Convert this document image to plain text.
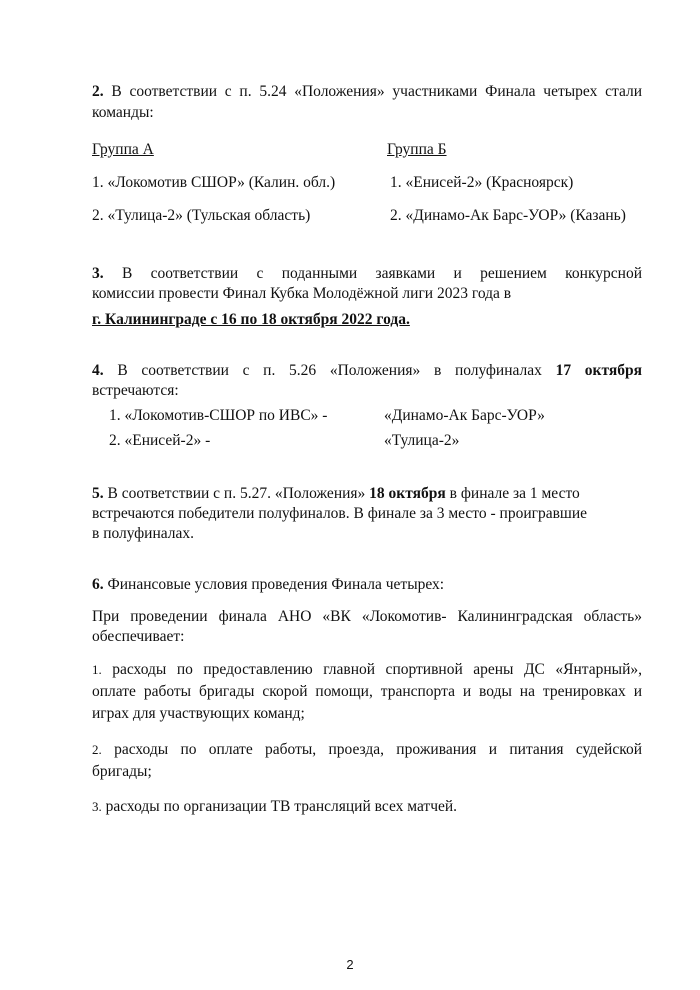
2. В соответствии с п. 5.24 «Положения» участниками Финала четырех стали
команды:
Группа А	Группа Б
1. «Локомотив СШОР» (Калин. обл.)	1. «Енисей-2» (Красноярск)
2. «Тулица-2» (Тульская область)	2. «Динамо-Ак Барс-УОР» (Казань)
3. В соответствии с поданными заявками и решением конкурсной
комиссии провести Финал Кубка Молодёжной лиги 2023 года в
г. Калининграде с 16 по 18 октября 2022 года.
4. В соответствии с п. 5.26 «Положения» в полуфиналах 17 октября
встречаются:
1. «Локомотив-СШОР по ИВС» -	«Динамо-Ак Барс-УОР»
2. «Енисей-2» -	«Тулица-2»
5. В соответствии с п. 5.27. «Положения» 18 октября в финале за 1 место
встречаются победители полуфиналов. В финале за 3 место - проигравшие
в полуфиналах.
6. Финансовые условия проведения Финала четырех:
При проведении финала АНО «ВК «Локомотив- Калининградская область»
обеспечивает:
1. расходы по предоставлению главной спортивной арены ДС «Янтарный»,
оплате работы бригады скорой помощи, транспорта и воды на тренировках и
играх для участвующих команд;
2. расходы по оплате работы, проезда, проживания и питания судейской
бригады;
3. расходы по организации ТВ трансляций всех матчей.
2
